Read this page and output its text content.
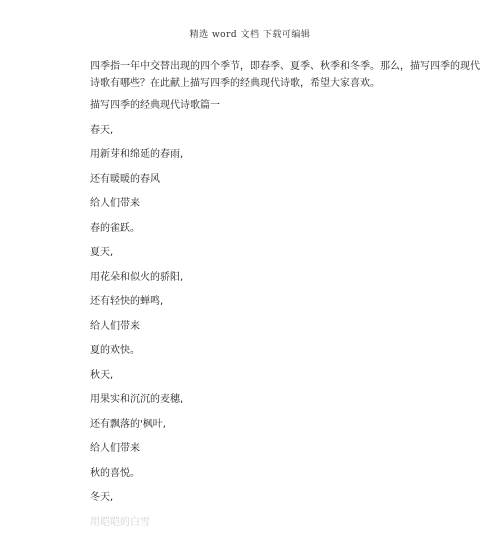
精选 word 文档 下载可编辑
四季指一年中交替出现的四个季节，即春季、夏季、秋季和冬季。那么，描写四季的现代
诗歌有哪些？在此献上描写四季的经典现代诗歌，希望大家喜欢。
描写四季的经典现代诗歌篇一
春天,
用新芽和绵延的春雨,
还有暖暖的春风
给人们带来
春的雀跃。
夏天,
用花朵和似火的骄阳,
还有轻快的蝉鸣,
给人们带来
夏的欢快。
秋天,
用果实和沉沉的麦穗,
还有飘落的'枫叶,
给人们带来
秋的喜悦。
冬天,
用皑皑的白雪
